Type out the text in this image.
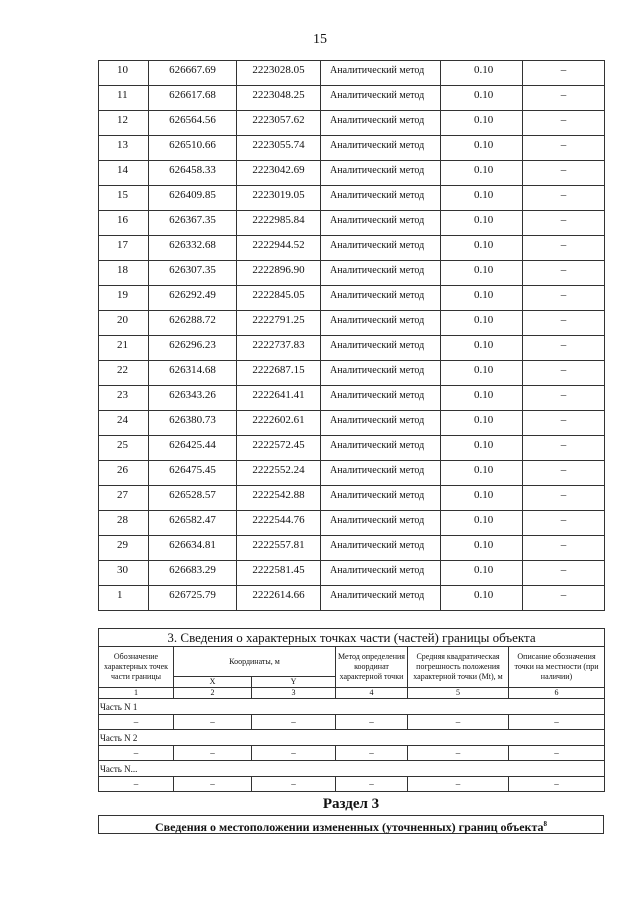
15
10	626667.69	2223028.05	Аналитический метод	0.10	–
11	626617.68	2223048.25	Аналитический метод	0.10	–
12	626564.56	2223057.62	Аналитический метод	0.10	–
13	626510.66	2223055.74	Аналитический метод	0.10	–
14	626458.33	2223042.69	Аналитический метод	0.10	–
15	626409.85	2223019.05	Аналитический метод	0.10	–
16	626367.35	2222985.84	Аналитический метод	0.10	–
17	626332.68	2222944.52	Аналитический метод	0.10	–
18	626307.35	2222896.90	Аналитический метод	0.10	–
19	626292.49	2222845.05	Аналитический метод	0.10	–
20	626288.72	2222791.25	Аналитический метод	0.10	–
21	626296.23	2222737.83	Аналитический метод	0.10	–
22	626314.68	2222687.15	Аналитический метод	0.10	–
23	626343.26	2222641.41	Аналитический метод	0.10	–
24	626380.73	2222602.61	Аналитический метод	0.10	–
25	626425.44	2222572.45	Аналитический метод	0.10	–
26	626475.45	2222552.24	Аналитический метод	0.10	–
27	626528.57	2222542.88	Аналитический метод	0.10	–
28	626582.47	2222544.76	Аналитический метод	0.10	–
29	626634.81	2222557.81	Аналитический метод	0.10	–
30	626683.29	2222581.45	Аналитический метод	0.10	–
1	626725.79	2222614.66	Аналитический метод	0.10	–
3. Сведения о характерных точках части (частей) границы объекта					
Обозначение характерных точек части границы	Координаты, м		Метод определения координат характерной точки	Средняя квадратическая погрешность положения характерной точки (Mt), м	Описание обозначения точки на местности (при наличии)
	X	Y			
1	2	3	4	5	6
Часть N 1					
–	–	–	–	–	–
Часть N 2					
–	–	–	–	–	–
Часть N...					
–	–	–	–	–	–
Раздел 3
Сведения о местоположении измененных (уточненных) границ объекта$^8$
